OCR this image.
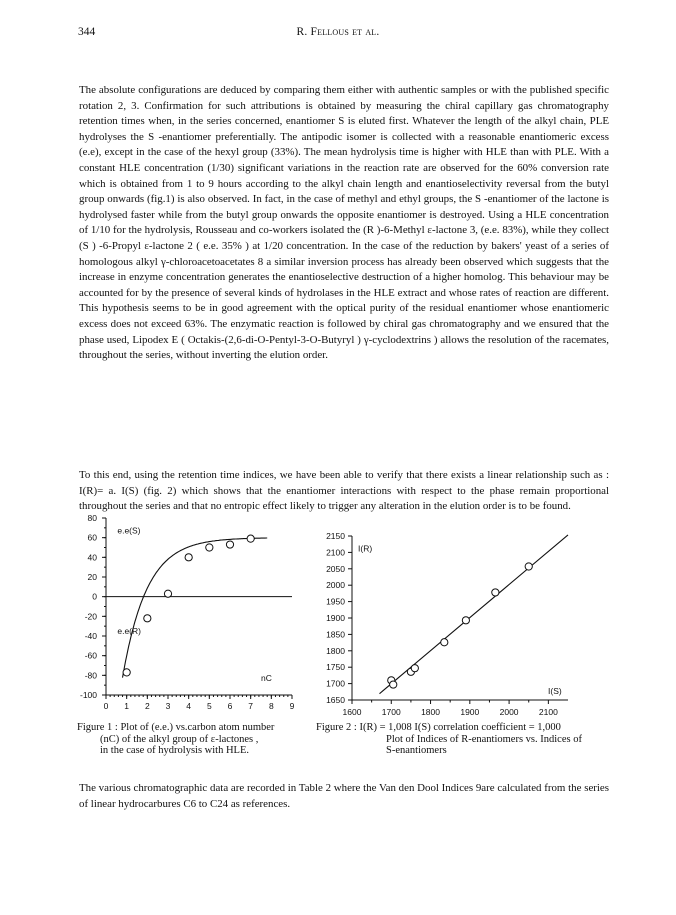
344	R. Fellous et al.

The absolute configurations are deduced by comparing them either with authentic samples or with the published specific rotation 2, 3. Confirmation for such attributions is obtained by measuring the chiral capillary gas chromatography retention times when, in the series concerned, enantiomer S is eluted first. Whatever the length of the alkyl chain, PLE hydrolyses the S -enantiomer preferentially. The antipodic isomer is collected with a reasonable enantiomeric excess (e.e), except in the case of the hexyl group (33%). The mean hydrolysis time is higher with HLE than with PLE. With a constant HLE concentration (1/30) significant variations in the reaction rate are observed for the 60% conversion rate which is obtained from 1 to 9 hours according to the alkyl chain length and enantioselectivity reversal from the butyl group onwards (fig.1) is also observed. In fact, in the case of methyl and ethyl groups, the S -enantiomer of the lactone is hydrolysed faster while from the butyl group onwards the opposite enantiomer is destroyed. Using a HLE concentration of 1/10 for the hydrolysis, Rousseau and co-workers isolated the (R )-6-Methyl ε-lactone 3, (e.e. 83%), while they collect (S ) -6-Propyl ε-lactone 2 ( e.e. 35% ) at 1/20 concentration. In the case of the reduction by bakers' yeast of a series of homologous alkyl γ-chloroacetoacetates 8 a similar inversion process has already been observed which suggests that the increase in enzyme concentration generates the enantioselective destruction of a higher homolog. This behaviour may be accounted for by the presence of several kinds of hydrolases in the HLE extract and whose rates of reaction are different. This hypothesis seems to be in good agreement with the optical purity of the residual enantiomer whose enantiomeric excess does not exceed 63%. The enzymatic reaction is followed by chiral gas chromatography and we ensured that the phase used, Lipodex E ( Octakis-(2,6-di-O-Pentyl-3-O-Butyryl ) γ-cyclodextrins ) allows the resolution of the racemates, throughout the series, without inverting the elution order.

To this end, using the retention time indices, we have been able to verify that there exists a linear relationship such as : I(R)= a. I(S) (fig. 2) which shows that the enantiomer interactions with respect to the phase remain proportional throughout the series and that no entropic effect likely to trigger any alteration in the elution order is to be found.

The various chromatographic data are recorded in Table 2 where the Van den Dool Indices 9are calculated from the series of linear hydrocarbures C6 to C24 as references.

80
60
40
20
0
-20
-40
-60
-80
-100
0 1 2 3 4 5 6 7 8 9
e.e(S)
e.e(R)
nC
Figure 1 : Plot of (e.e.) vs.carbon atom number
(nC) of the alkyl group of ε-lactones ,
in the case of hydrolysis with HLE.
2150
2100
2050
2000
1950
1900
1850
1800
1750
1700
1650
1600 1700 1800 1900 2000 2100
I(R)
I(S)
Figure 2 : I(R) = 1,008 I(S) correlation coefficient = 1,000
Plot of Indices of R-enantiomers vs. Indices of
S-enantiomers
